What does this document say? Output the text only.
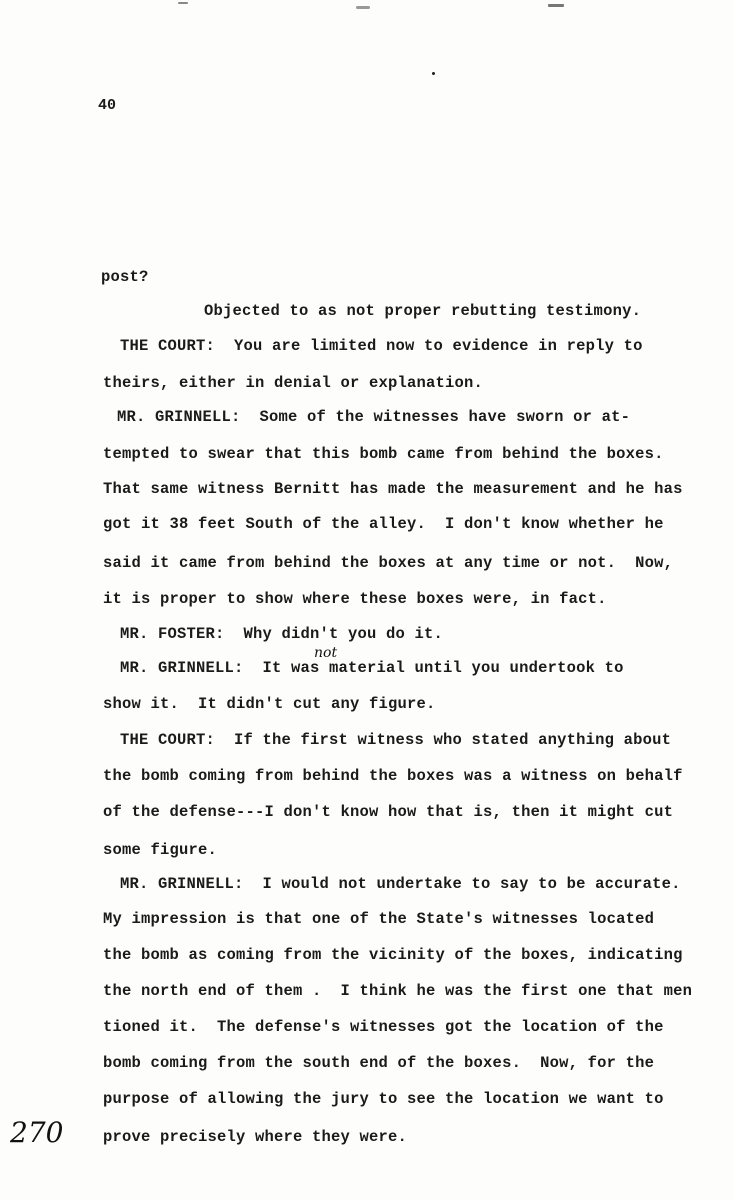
40
post?
Objected to as not proper rebutting testimony.
THE COURT:  You are limited now to evidence in reply to
theirs, either in denial or explanation.
MR. GRINNELL:  Some of the witnesses have sworn or at-
tempted to swear that this bomb came from behind the boxes.
That same witness Bernitt has made the measurement and he has
got it 38 feet South of the alley.  I don't know whether he
said it came from behind the boxes at any time or not.  Now,
it is proper to show where these boxes were, in fact.
MR. FOSTER:  Why didn't you do it.
not
MR. GRINNELL:  It was material until you undertook to
show it.  It didn't cut any figure.
THE COURT:  If the first witness who stated anything about
the bomb coming from behind the boxes was a witness on behalf
of the defense---I don't know how that is, then it might cut
some figure.
MR. GRINNELL:  I would not undertake to say to be accurate.
My impression is that one of the State's witnesses located
the bomb as coming from the vicinity of the boxes, indicating
the north end of them .  I think he was the first one that men
tioned it.  The defense's witnesses got the location of the
bomb coming from the south end of the boxes.  Now, for the
purpose of allowing the jury to see the location we want to
prove precisely where they were.
270
